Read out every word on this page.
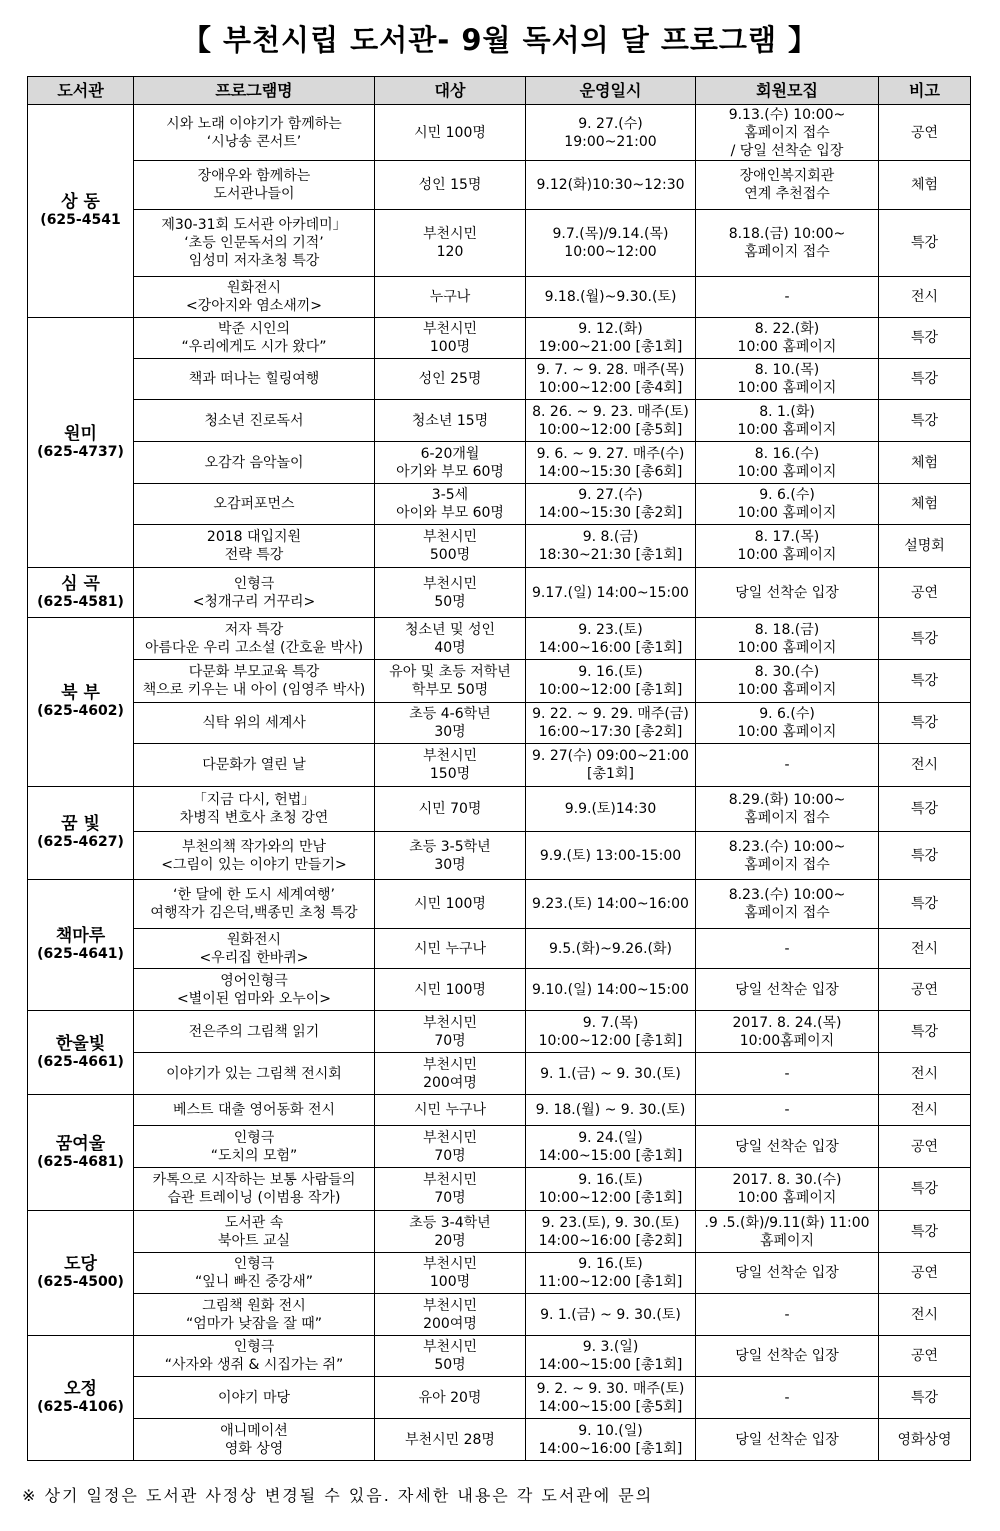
【 부천시립 도서관- 9월 독서의 달 프로그램 】
도서관	프로그램명	대상	운영일시	회원모집	비고

상 동
(625-4541	시와 노래 이야기가 함께하는
‘시낭송 콘서트’	시민 100명	9. 27.(수)
19:00~21:00	9.13.(수) 10:00~
홈페이지 접수
/ 당일 선착순 입장	공연
	장애우와 함께하는
도서관나들이	성인 15명	9.12(화)10:30~12:30	장애인복지회관
연계 추천접수	체험
	제30-31회 도서관 아카데미」
‘초등 인문독서의 기적’
임성미 저자초청 특강	부천시민
120	9.7.(목)/9.14.(목)
10:00~12:00	8.18.(금) 10:00~
홈페이지 접수	특강
	원화전시
<강아지와 염소새끼>	누구나	9.18.(월)~9.30.(토)	-	전시

원미
(625-4737)	박준 시인의
“우리에게도 시가 왔다”	부천시민
100명	9. 12.(화)
19:00~21:00 [총1회]	8. 22.(화)
10:00 홈페이지	특강
	책과 떠나는 힐링여행	성인 25명	9. 7. ~ 9. 28. 매주(목)
10:00~12:00 [총4회]	8. 10.(목)
10:00 홈페이지	특강
	청소년 진로독서	청소년 15명	8. 26. ~ 9. 23. 매주(토)
10:00~12:00 [총5회]	8. 1.(화)
10:00 홈페이지	특강
	오감각 음악놀이	6-20개월
아기와 부모 60명	9. 6. ~ 9. 27. 매주(수)
14:00~15:30 [총6회]	8. 16.(수)
10:00 홈페이지	체험
	오감퍼포먼스	3-5세
아이와 부모 60명	9. 27.(수)
14:00~15:30 [총2회]	9. 6.(수)
10:00 홈페이지	체험
	2018 대입지원
전략 특강	부천시민
500명	9. 8.(금)
18:30~21:30 [총1회]	8. 17.(목)
10:00 홈페이지	설명회

심 곡
(625-4581)	인형극
<청개구리 거꾸리>	부천시민
50명	9.17.(일) 14:00~15:00	당일 선착순 입장	공연

북 부
(625-4602)	저자 특강
아름다운 우리 고소설 (간호윤 박사)	청소년 및 성인
40명	9. 23.(토)
14:00~16:00 [총1회]	8. 18.(금)
10:00 홈페이지	특강
	다문화 부모교육 특강
책으로 키우는 내 아이 (임영주 박사)	유아 및 초등 저학년
학부모 50명	9. 16.(토)
10:00~12:00 [총1회]	8. 30.(수)
10:00 홈페이지	특강
	식탁 위의 세계사	초등 4-6학년
30명	9. 22. ~ 9. 29. 매주(금)
16:00~17:30 [총2회]	9. 6.(수)
10:00 홈페이지	특강
	다문화가 열린 날	부천시민
150명	9. 27(수) 09:00~21:00 [총1회]	-	전시

꿈 빛
(625-4627)	「지금 다시, 헌법」
차병직 변호사 초청 강연	시민 70명	9.9.(토)14:30	8.29.(화) 10:00~
홈페이지 접수	특강
	부천의책 작가와의 만남
<그림이 있는 이야기 만들기>	초등 3-5학년
30명	9.9.(토) 13:00-15:00	8.23.(수) 10:00~
홈페이지 접수	특강

책마루
(625-4641)	‘한 달에 한 도시 세계여행’
여행작가 김은덕,백종민 초청 특강	시민 100명	9.23.(토) 14:00~16:00	8.23.(수) 10:00~
홈페이지 접수	특강
	원화전시
<우리집 한바퀴>	시민 누구나	9.5.(화)~9.26.(화)	-	전시
	영어인형극
<별이된 엄마와 오누이>	시민 100명	9.10.(일) 14:00~15:00	당일 선착순 입장	공연

한울빛
(625-4661)	전은주의 그림책 읽기	부천시민
70명	9. 7.(목)
10:00~12:00 [총1회]	2017. 8. 24.(목)
10:00홈페이지	특강
	이야기가 있는 그림책 전시회	부천시민
200여명	9. 1.(금) ~ 9. 30.(토)	-	전시

꿈여울
(625-4681)	베스트 대출 영어동화 전시	시민 누구나	9. 18.(월) ~ 9. 30.(토)	-	전시
	인형극
“도치의 모험”	부천시민
70명	9. 24.(일)
14:00~15:00 [총1회]	당일 선착순 입장	공연
	카톡으로 시작하는 보통 사람들의
습관 트레이닝 (이범용 작가)	부천시민
70명	9. 16.(토)
10:00~12:00 [총1회]	2017. 8. 30.(수)
10:00 홈페이지	특강

도당
(625-4500)	도서관 속
북아트 교실	초등 3-4학년
20명	9. 23.(토), 9. 30.(토)
14:00~16:00 [총2회]	.9 .5.(화)/9.11(화) 11:00
홈페이지	특강
	인형극
“잎니 빠진 중강새”	부천시민
100명	9. 16.(토)
11:00~12:00 [총1회]	당일 선착순 입장	공연
	그림책 원화 전시
“엄마가 낮잠을 잘 때”	부천시민
200여명	9. 1.(금) ~ 9. 30.(토)	-	전시

오정
(625-4106)	인형극
“사자와 생쥐 & 시집가는 쥐”	부천시민
50명	9. 3.(일)
14:00~15:00 [총1회]	당일 선착순 입장	공연
	이야기 마당	유아 20명	9. 2. ~ 9. 30. 매주(토)
14:00~15:00 [총5회]	-	특강
	애니메이션
영화 상영	부천시민 28명	9. 10.(일)
14:00~16:00 [총1회]	당일 선착순 입장	영화상영
※ 상기 일정은 도서관 사정상 변경될 수 있음. 자세한 내용은 각 도서관에 문의
